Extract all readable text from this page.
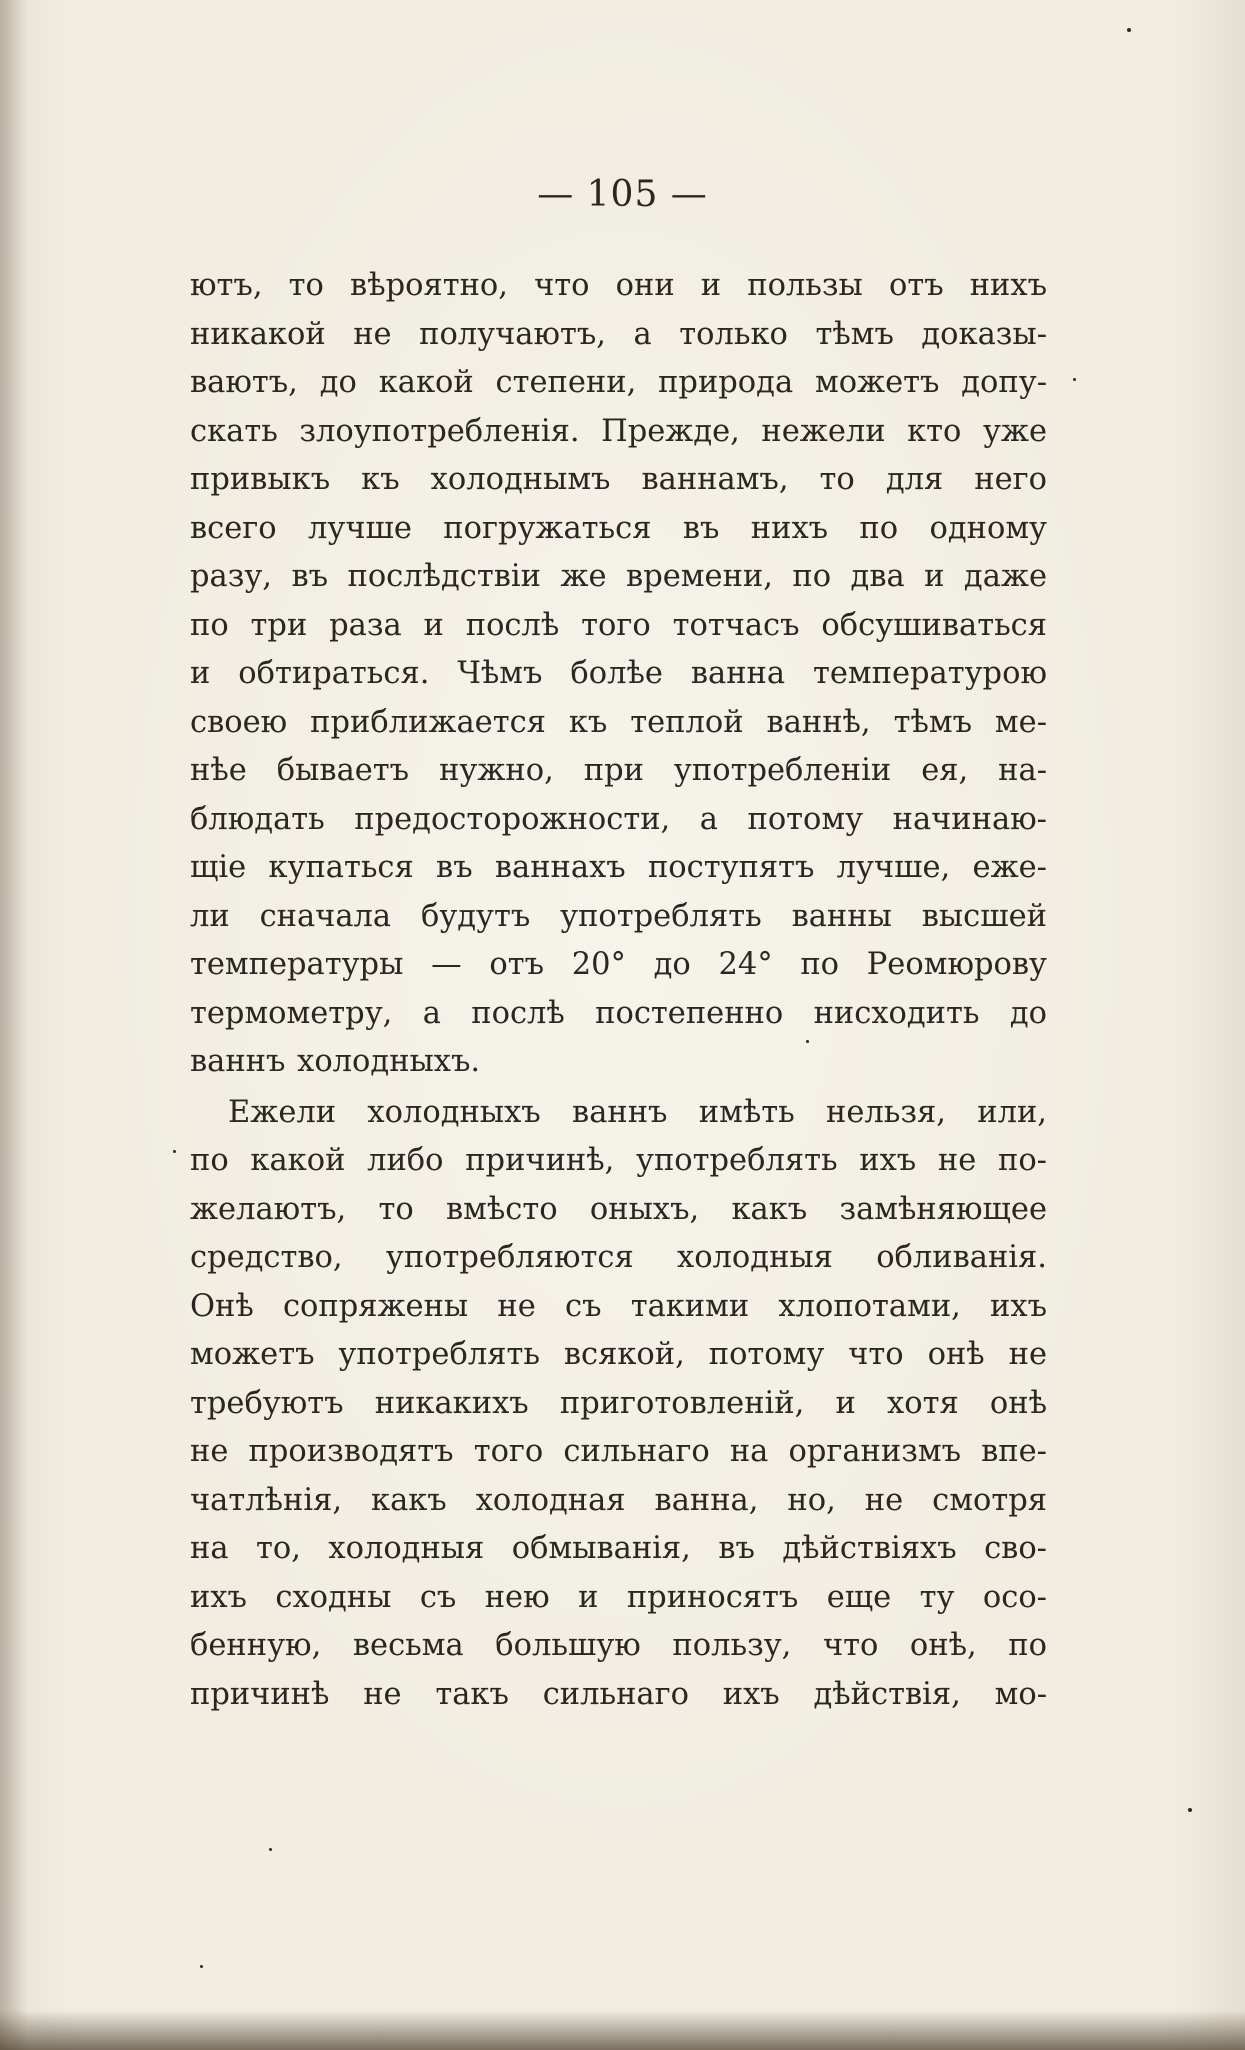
— 105 —
ютъ, то вѣроятно, что они и пользы отъ нихъ
никакой не получаютъ, а только тѣмъ доказы-
ваютъ, до какой степени, природа можетъ допу-
скать злоупотребленія. Прежде, нежели кто уже
привыкъ къ холоднымъ ваннамъ, то для него
всего лучше погружаться въ нихъ по одному
разу, въ послѣдствіи же времени, по два и даже
по три раза и послѣ того тотчасъ обсушиваться
и обтираться. Чѣмъ болѣе ванна температурою
своею приближается къ теплой ваннѣ, тѣмъ ме-
нѣе бываетъ нужно, при употребленіи ея, на-
блюдать предосторожности, а потому начинаю-
щіе купаться въ ваннахъ поступятъ лучше, еже-
ли сначала будутъ употреблять ванны высшей
температуры — отъ 20° до 24° по Реомюрову
термометру, а послѣ постепенно нисходить до
ваннъ холодныхъ.
Ежели холодныхъ ваннъ имѣть нельзя, или,
по какой либо причинѣ, употреблять ихъ не по-
желаютъ, то вмѣсто оныхъ, какъ замѣняющее
средство, употребляются холодныя обливанія.
Онѣ сопряжены не съ такими хлопотами, ихъ
можетъ употреблять всякой, потому что онѣ не
требуютъ никакихъ приготовленій, и хотя онѣ
не производятъ того сильнаго на организмъ впе-
чатлѣнія, какъ холодная ванна, но, не смотря
на то, холодныя обмыванія, въ дѣйствіяхъ сво-
ихъ сходны съ нею и приносятъ еще ту осо-
бенную, весьма большую пользу, что онѣ, по
причинѣ не такъ сильнаго ихъ дѣйствія, мо-
